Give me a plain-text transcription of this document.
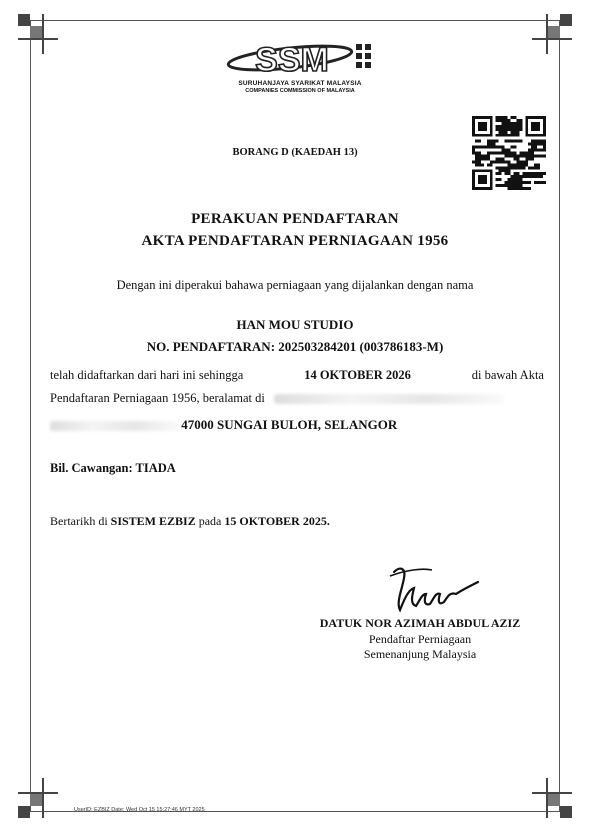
SSM
SURUHANJAYA SYARIKAT MALAYSIA
COMPANIES COMMISSION OF MALAYSIA
BORANG D (KAEDAH 13)
PERAKUAN PENDAFTARAN
AKTA PENDAFTARAN PERNIAGAAN 1956
Dengan ini diperakui bahawa perniagaan yang dijalankan dengan nama
HAN MOU STUDIO
NO. PENDAFTARAN: 202503284201 (003786183-M)
telah didaftarkan dari hari ini sehingga	14 OKTOBER 2026	di bawah Akta
Pendaftaran Perniagaan 1956, beralamat di
47000 SUNGAI BULOH, SELANGOR
Bil. Cawangan: TIADA
Bertarikh di SISTEM EZBIZ pada 15 OKTOBER 2025.
DATUK NOR AZIMAH ABDUL AZIZ
Pendaftar Perniagaan
Semenanjung Malaysia
UserID: EZBIZ Date: Wed Oct 15 15:27:46 MYT 2025
